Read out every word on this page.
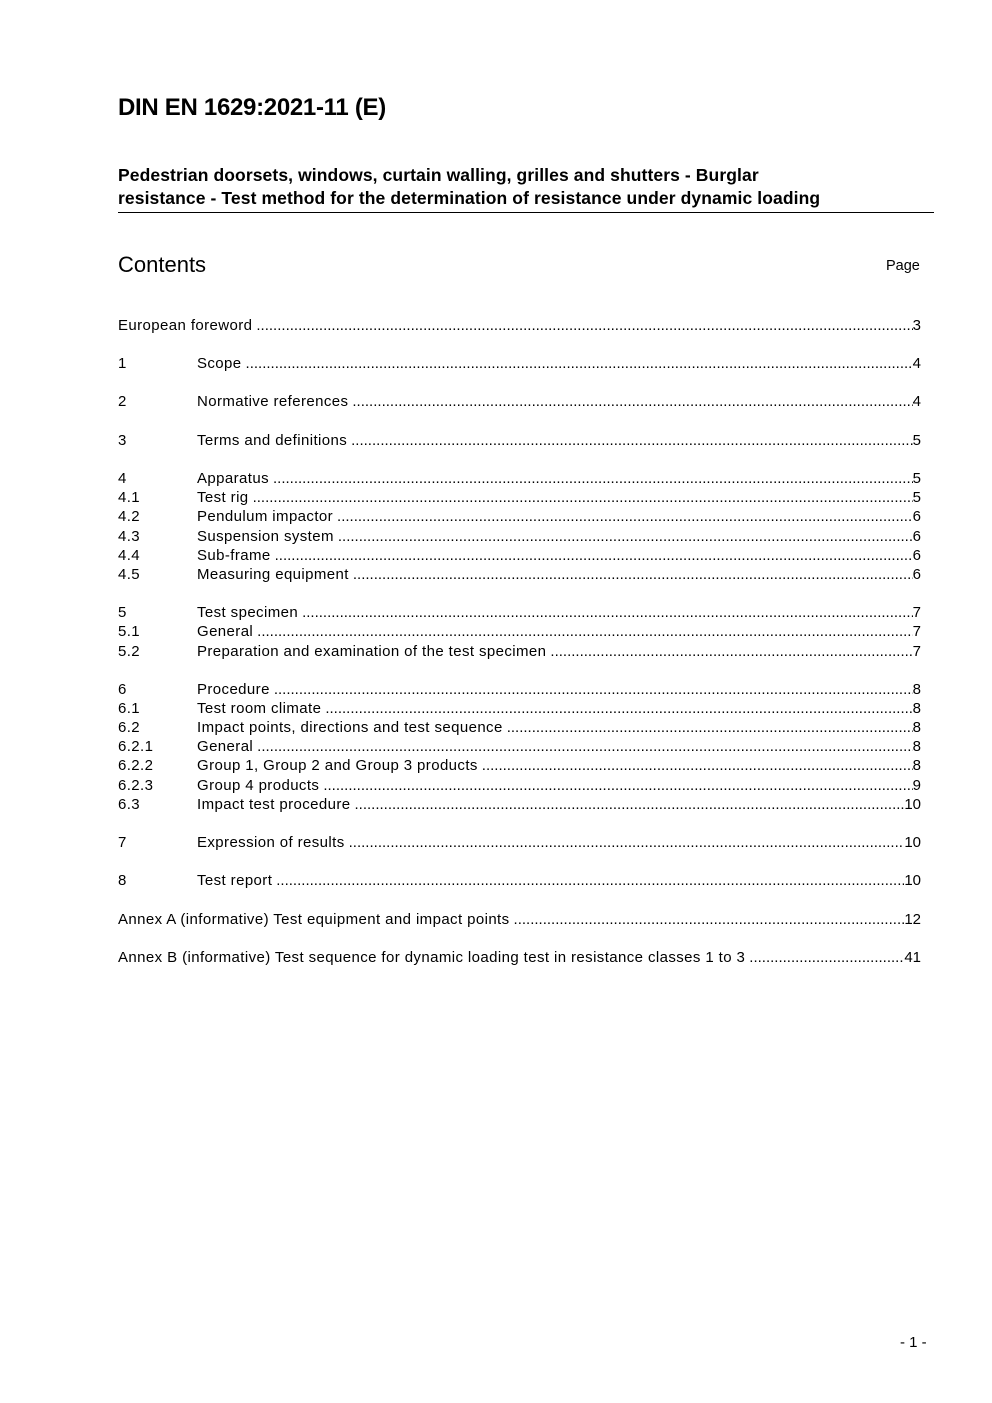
DIN EN 1629:2021-11 (E)
Pedestrian doorsets, windows, curtain walling, grilles and shutters - Burglar
resistance - Test method for the determination of resistance under dynamic loading
Contents	Page
European foreword .....	3
1	Scope .....	4
2	Normative references .....	4
3	Terms and definitions .....	5
4	Apparatus .....	5
4.1	Test rig .....	5
4.2	Pendulum impactor .....	6
4.3	Suspension system .....	6
4.4	Sub-frame .....	6
4.5	Measuring equipment .....	6
5	Test specimen .....	7
5.1	General .....	7
5.2	Preparation and examination of the test specimen .....	7
6	Procedure .....	8
6.1	Test room climate .....	8
6.2	Impact points, directions and test sequence .....	8
6.2.1	General .....	8
6.2.2	Group 1, Group 2 and Group 3 products .....	8
6.2.3	Group 4 products .....	9
6.3	Impact test procedure .....	10
7	Expression of results .....	10
8	Test report .....	10
Annex A (informative) Test equipment and impact points .....	12
Annex B (informative) Test sequence for dynamic loading test in resistance classes 1 to 3 .....	41
- 1 -
